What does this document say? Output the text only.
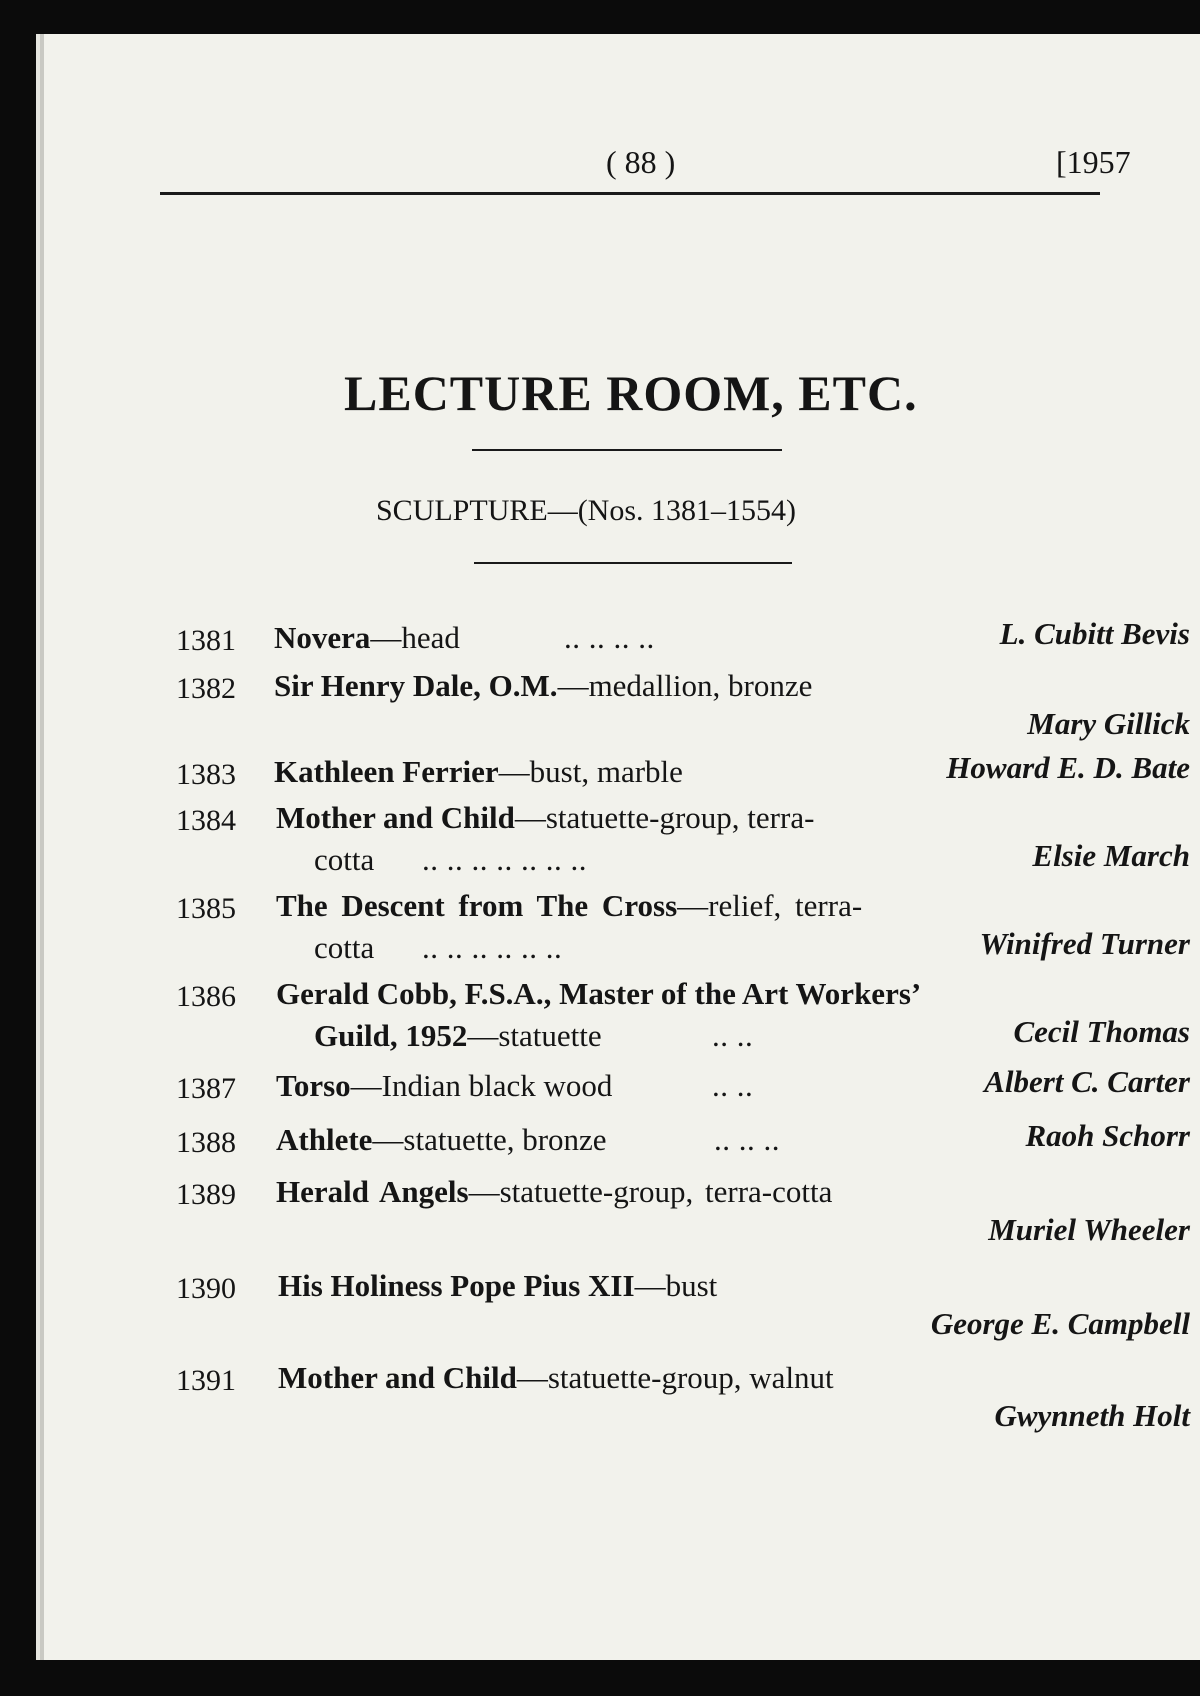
( 88 )	[1957
LECTURE ROOM, ETC.
SCULPTURE—(Nos. 1381–1554)
1381 Novera—head	.. .. .. ..	L. Cubitt Bevis
1382 Sir Henry Dale, O.M.—medallion, bronze
Mary Gillick
1383 Kathleen Ferrier—bust, marble	Howard E. D. Bate
1384 Mother and Child—statuette-group, terra-
cotta .. .. .. .. .. .. ..	Elsie March
1385 The Descent from The Cross—relief, terra-
cotta .. .. .. .. .. ..	Winifred Turner
1386 Gerald Cobb, F.S.A., Master of the Art Workers’
Guild, 1952—statuette	.. ..	Cecil Thomas
1387 Torso—Indian black wood	.. ..	Albert C. Carter
1388 Athlete—statuette, bronze	.. .. ..	Raoh Schorr
1389 Herald Angels—statuette-group, terra-cotta
Muriel Wheeler
1390 His Holiness Pope Pius XII—bust
George E. Campbell
1391 Mother and Child—statuette-group, walnut
Gwynneth Holt
